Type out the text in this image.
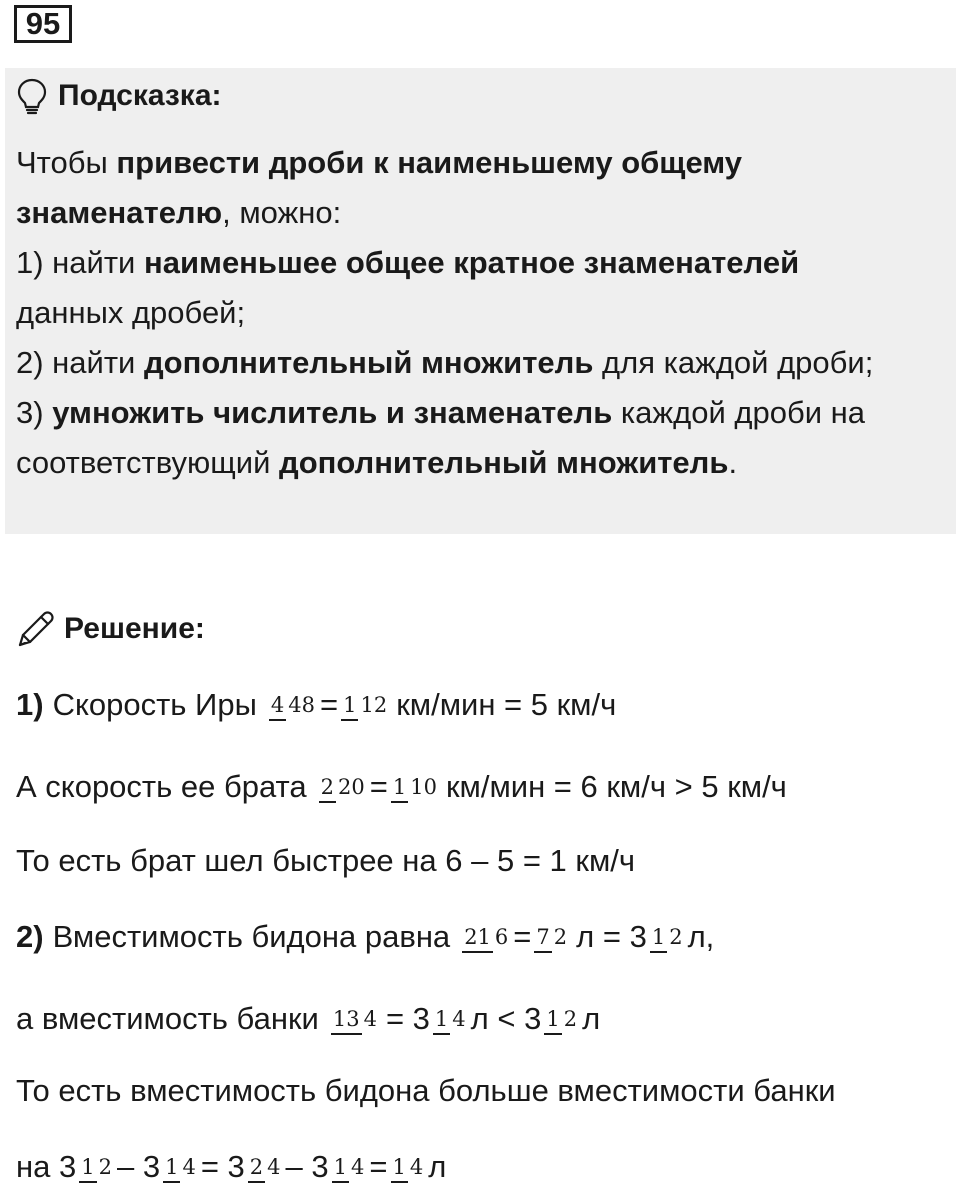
95
Подсказка:

Чтобы привести дроби к наименьшему общему

знаменателю, можно:

1) найти наименьшее общее кратное знаменателей

данных дробей;

2) найти дополнительный множитель для каждой дроби;

3) умножить числитель и знаменатель каждой дроби на

соответствующий дополнительный множитель.

Решение:
1) Скорость Иры 4 48 = 1 12 км/мин = 5 км/ч
А скорость ее брата 2 20 = 1 10 км/мин = 6 км/ч > 5 км/ч
То есть брат шел быстрее на 6 – 5 = 1 км/ч
2) Вместимость бидона равна 21 6 = 7 2 л = 3 1 2 л,
а вместимость банки 13 4 = 3 1 4 л < 3 1 2 л
То есть вместимость бидона больше вместимости банки
на 3 1 2 – 3 1 4 = 3 2 4 – 3 1 4 = 1 4 л
